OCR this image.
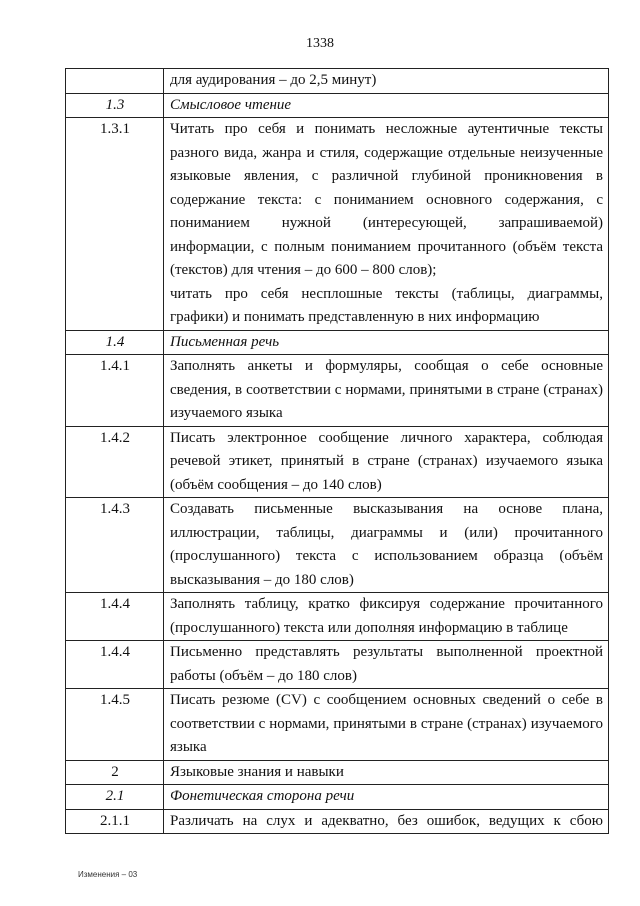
1338
	для аудирования – до 2,5 минут)
1.3	Смысловое чтение
1.3.1	Читать про себя и понимать несложные аутентичные тексты разного вида, жанра и стиля, содержащие отдельные неизученные языковые явления, с различной глубиной проникновения в содержание текста: с пониманием основного содержания, с пониманием нужной (интересующей, запрашиваемой) информации, с полным пониманием прочитанного (объём текста (текстов) для чтения – до 600 – 800 слов);
читать про себя несплошные тексты (таблицы, диаграммы, графики) и понимать представленную в них информацию
1.4	Письменная речь
1.4.1	Заполнять анкеты и формуляры, сообщая о себе основные сведения, в соответствии с нормами, принятыми в стране (странах) изучаемого языка
1.4.2	Писать электронное сообщение личного характера, соблюдая речевой этикет, принятый в стране (странах) изучаемого языка (объём сообщения – до 140 слов)
1.4.3	Создавать письменные высказывания на основе плана, иллюстрации, таблицы, диаграммы и (или) прочитанного (прослушанного) текста с использованием образца (объём высказывания – до 180 слов)
1.4.4	Заполнять таблицу, кратко фиксируя содержание прочитанного (прослушанного) текста или дополняя информацию в таблице
1.4.4	Письменно представлять результаты выполненной проектной работы (объём – до 180 слов)
1.4.5	Писать резюме (CV) с сообщением основных сведений о себе в соответствии с нормами, принятыми в стране (странах) изучаемого языка
2	Языковые знания и навыки
2.1	Фонетическая сторона речи
2.1.1	Различать на слух и адекватно, без ошибок, ведущих к сбою
Изменения – 03
